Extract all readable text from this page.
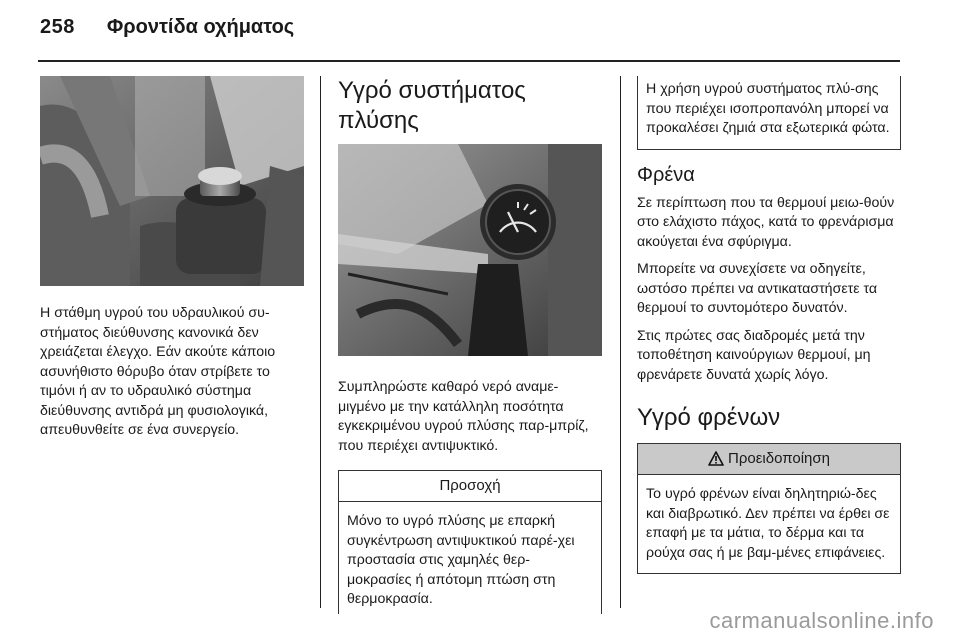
258 Φροντίδα οχήματος

Η στάθμη υγρού του υδραυλικού συ-στήματος διεύθυνσης κανονικά δεν χρειάζεται έλεγχο. Εάν ακούτε κάποιο ασυνήθιστο θόρυβο όταν στρίβετε το τιμόνι ή αν το υδραυλικό σύστημα διεύθυνσης αντιδρά μη φυσιολογικά, απευθυνθείτε σε ένα συνεργείο.

Υγρό συστήματος πλύσης

Συμπληρώστε καθαρό νερό αναμε-μιγμένο με την κατάλληλη ποσότητα εγκεκριμένου υγρού πλύσης παρ-μπρίζ, που περιέχει αντιψυκτικό.

Προσοχή
Μόνο το υγρό πλύσης με επαρκή συγκέντρωση αντιψυκτικού παρέ-χει προστασία στις χαμηλές θερ-μοκρασίες ή απότομη πτώση στη θερμοκρασία.
Η χρήση υγρού συστήματος πλύ-σης που περιέχει ισοπροπανόλη μπορεί να προκαλέσει ζημιά στα εξωτερικά φώτα.
Φρένα

Σε περίπτωση που τα θερμουί μειω-θούν στο ελάχιστο πάχος, κατά το φρενάρισμα ακούγεται ένα σφύριγμα.

Μπορείτε να συνεχίσετε να οδηγείτε, ωστόσο πρέπει να αντικαταστήσετε τα θερμουί το συντομότερο δυνατόν.

Στις πρώτες σας διαδρομές μετά την τοποθέτηση καινούργιων θερμουί, μη φρενάρετε δυνατά χωρίς λόγο.

Υγρό φρένων
Προειδοποίηση
Το υγρό φρένων είναι δηλητηριώ-δες και διαβρωτικό. Δεν πρέπει να έρθει σε επαφή με τα μάτια, το δέρμα και τα ρούχα σας ή με βαμ-μένες επιφάνειες.
carmanualsonline.info
